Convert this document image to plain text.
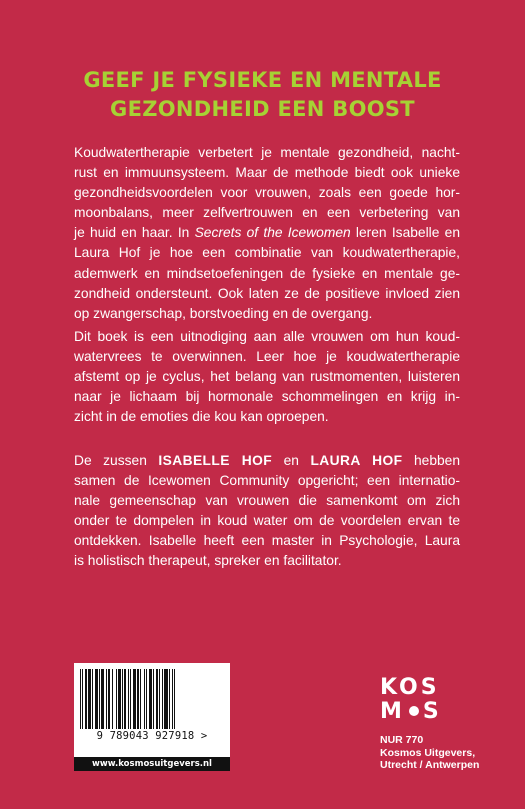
GEEF JE FYSIEKE EN MENTALE
GEZONDHEID EEN BOOST
Koudwatertherapie verbetert je mentale gezondheid, nacht-
rust en immuunsysteem. Maar de methode biedt ook unieke
gezondheidsvoordelen voor vrouwen, zoals een goede hor-
moonbalans, meer zelfvertrouwen en een verbetering van
je huid en haar. In Secrets of the Icewomen leren Isabelle en
Laura Hof je hoe een combinatie van koudwatertherapie,
ademwerk en mindsetoefeningen de fysieke en mentale ge-
zondheid ondersteunt. Ook laten ze de positieve invloed zien
op zwangerschap, borstvoeding en de overgang.
Dit boek is een uitnodiging aan alle vrouwen om hun koud-
watervrees te overwinnen. Leer hoe je koudwatertherapie
afstemt op je cyclus, het belang van rustmomenten, luisteren
naar je lichaam bij hormonale schommelingen en krijg in-
zicht in de emoties die kou kan oproepen.
De zussen ISABELLE HOF en LAURA HOF hebben
samen de Icewomen Community opgericht; een internatio-
nale gemeenschap van vrouwen die samenkomt om zich
onder te dompelen in koud water om de voordelen ervan te
ontdekken. Isabelle heeft een master in Psychologie, Laura
is holistisch therapeut, spreker en facilitator.
9 789043 927918 >
www.kosmosuitgevers.nl
KOS
M S
NUR 770
Kosmos Uitgevers,
Utrecht / Antwerpen
